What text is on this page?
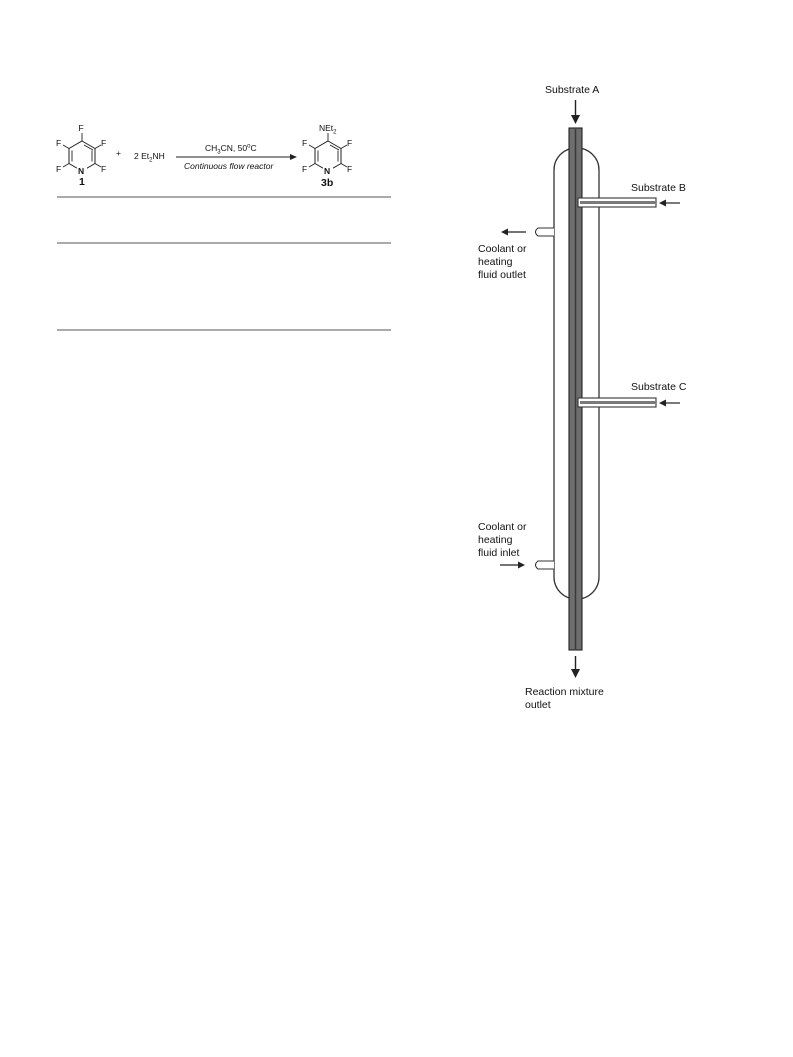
F
F
F
F
F N
1
+ 2 $Et_2NH$
$CH_3CN$, 50$^o$C
Continuous flow reactor
NEt$_2$
F
F
F
F N
3b
Substrate A
Substrate B
Substrate C
Coolant or heating fluid outlet
Coolant or heating fluid inlet
Reaction mixture outlet
